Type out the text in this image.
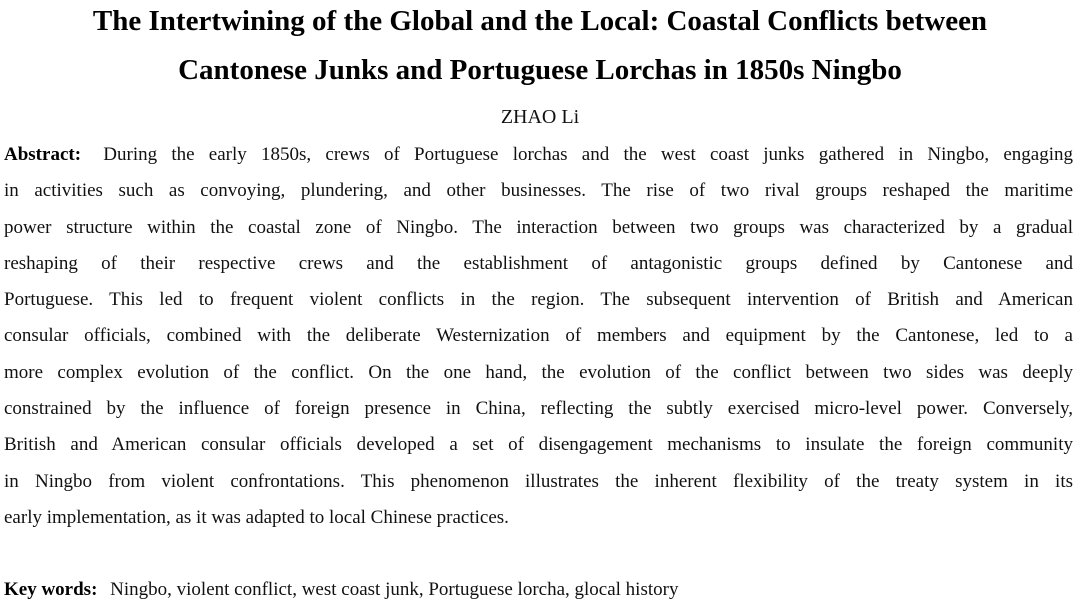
The Intertwining of the Global and the Local: Coastal Conflicts between
Cantonese Junks and Portuguese Lorchas in 1850s Ningbo
ZHAO Li
Abstract: During the early 1850s, crews of Portuguese lorchas and the west coast junks gathered in Ningbo, engaging
in activities such as convoying, plundering, and other businesses. The rise of two rival groups reshaped the maritime
power structure within the coastal zone of Ningbo. The interaction between two groups was characterized by a gradual
reshaping of their respective crews and the establishment of antagonistic groups defined by Cantonese and
Portuguese. This led to frequent violent conflicts in the region. The subsequent intervention of British and American
consular officials, combined with the deliberate Westernization of members and equipment by the Cantonese, led to a
more complex evolution of the conflict. On the one hand, the evolution of the conflict between two sides was deeply
constrained by the influence of foreign presence in China, reflecting the subtly exercised micro-level power. Conversely,
British and American consular officials developed a set of disengagement mechanisms to insulate the foreign community
in Ningbo from violent confrontations. This phenomenon illustrates the inherent flexibility of the treaty system in its
early implementation, as it was adapted to local Chinese practices.
Key words: Ningbo, violent conflict, west coast junk, Portuguese lorcha, glocal history
